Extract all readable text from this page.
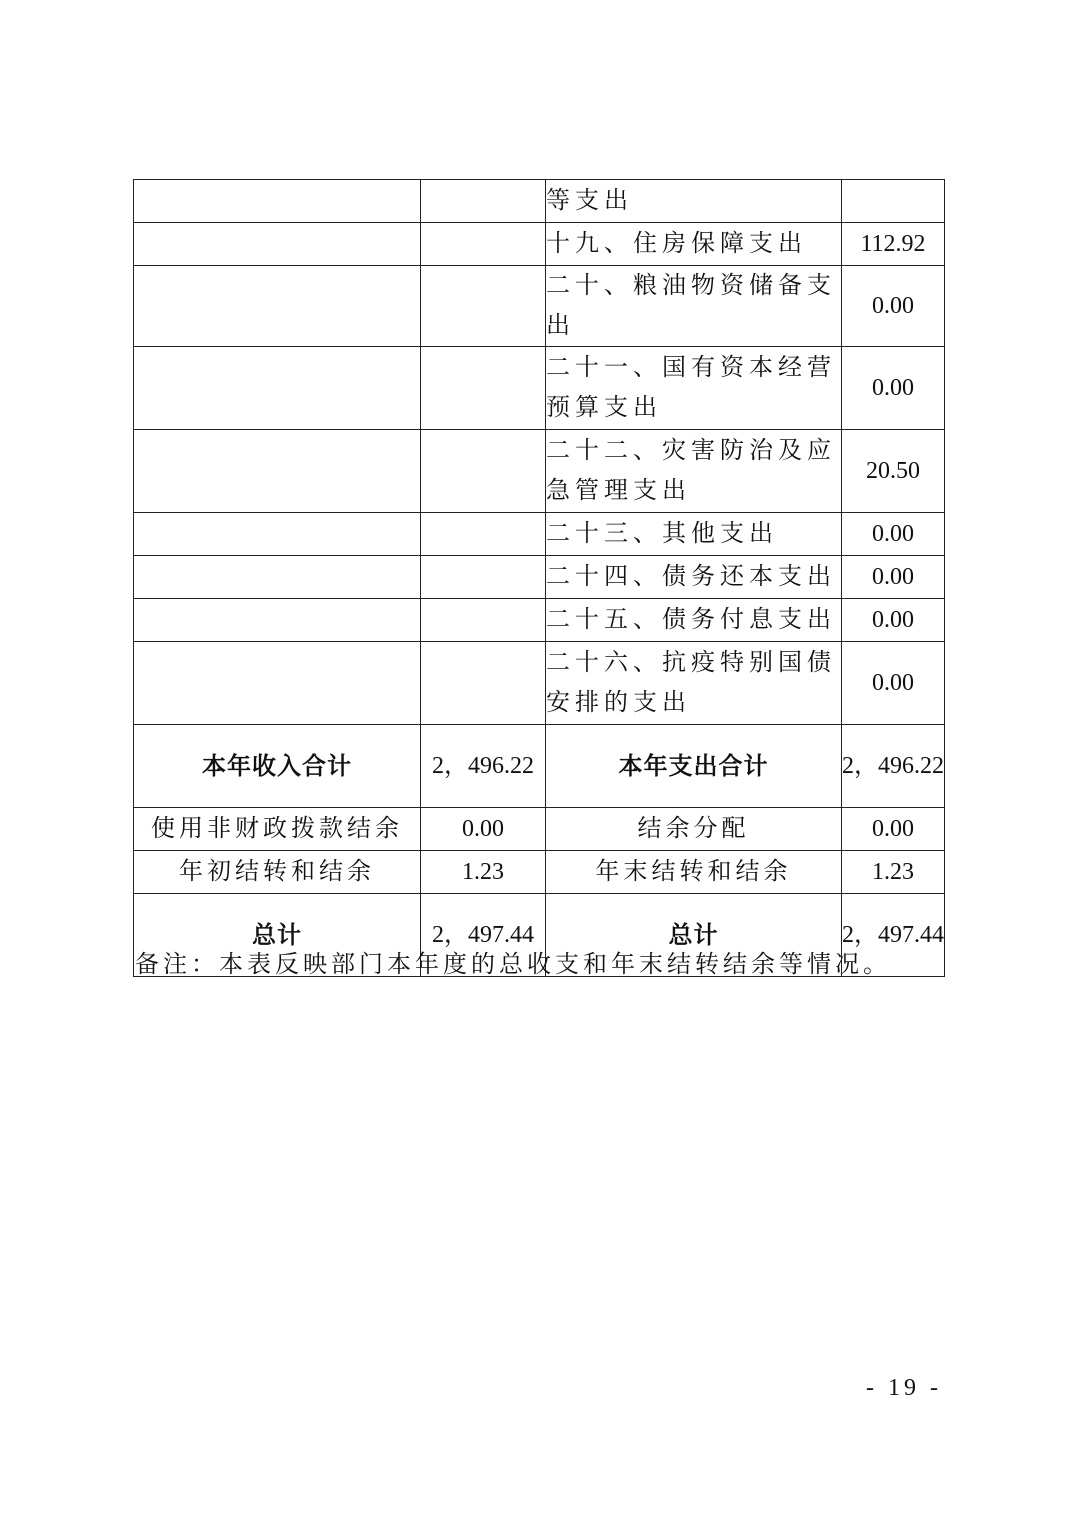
		等支出	
		十九、住房保障支出	112.92
		二十、粮油物资储备支出	0.00
		二十一、国有资本经营预算支出	0.00
		二十二、灾害防治及应急管理支出	20.50
		二十三、其他支出	0.00
		二十四、债务还本支出	0.00
		二十五、债务付息支出	0.00
		二十六、抗疫特别国债安排的支出	0.00
本年收入合计	2，496.22	本年支出合计	2，496.22
使用非财政拨款结余	0.00	结余分配	0.00
年初结转和结余	1.23	年末结转和结余	1.23
总计	2，497.44	总计	2，497.44
备注：本表反映部门本年度的总收支和年末结转结余等情况。
- 19 -
